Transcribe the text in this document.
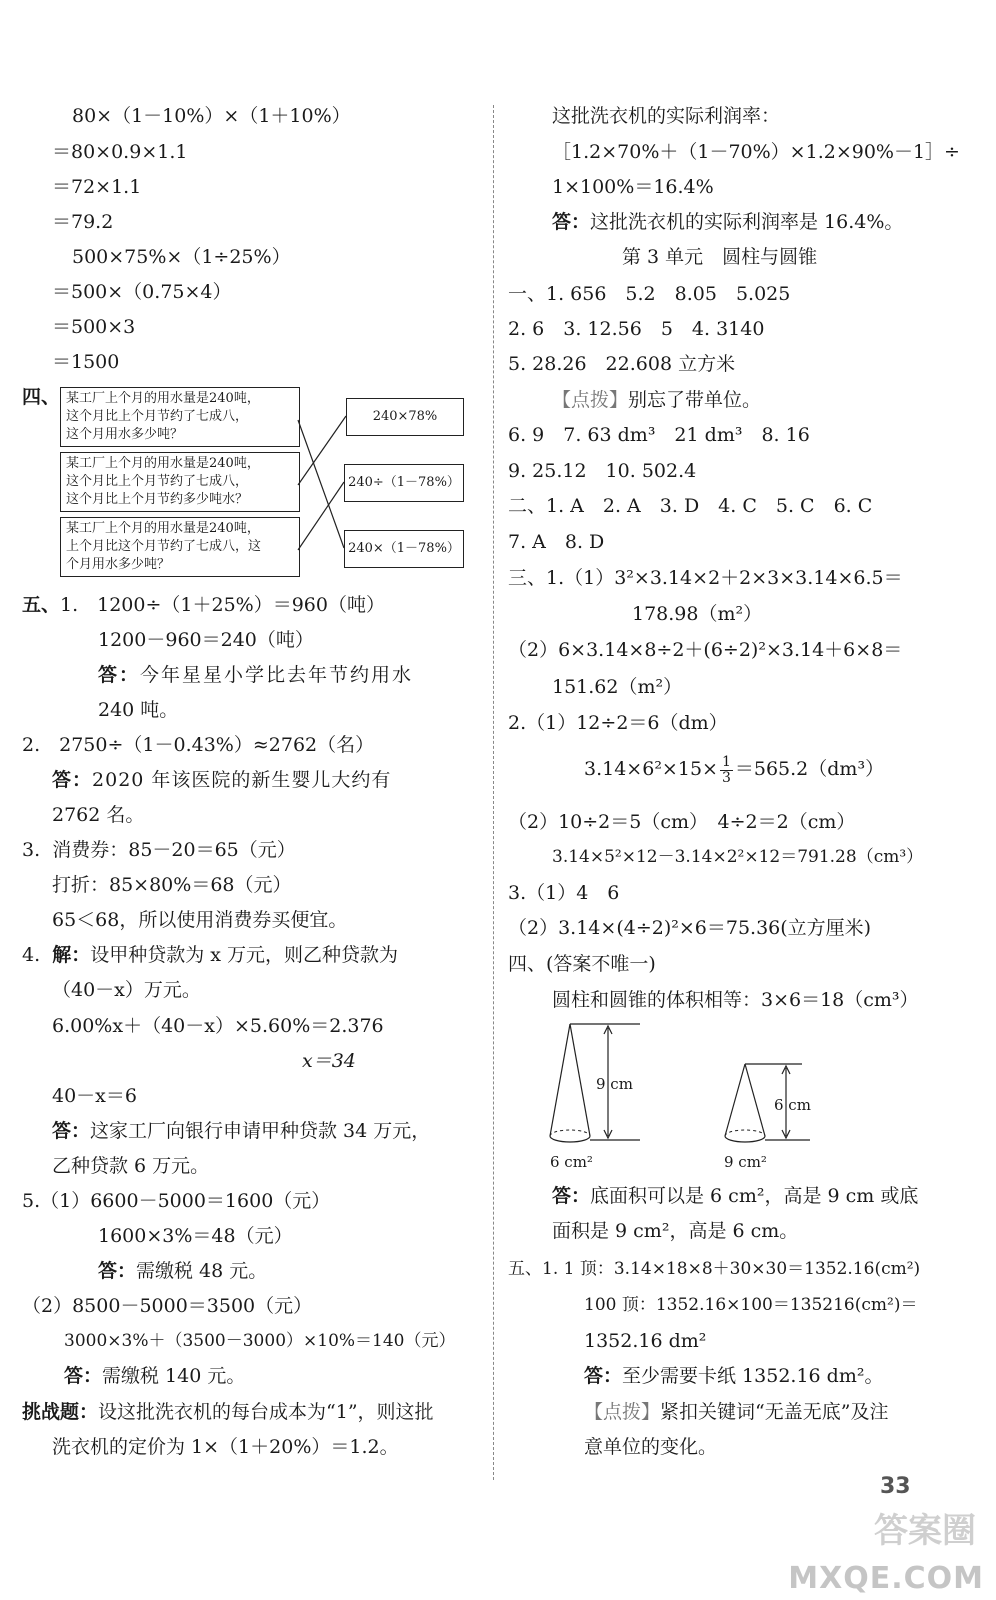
80×（1－10%）×（1＋10%）
＝80×0.9×1.1
＝72×1.1
＝79.2
500×75%×（1÷25%）
＝500×（0.75×4）
＝500×3
＝1500
四、 某工厂上个月的用水量是240吨，
这个月比上个月节约了七成八，
这个月用水多少吨？
某工厂上个月的用水量是240吨，
这个月比上个月节约了七成八，
这个月比上个月节约多少吨水？
某工厂上个月的用水量是240吨，
上个月比这个月节约了七成八，这
个月用水多少吨？
240×78%
240÷（1－78%）
240×（1－78%）
五、 1.　1200÷（1＋25%）＝960（吨）
1200－960＝240（吨）
答：今年星星小学比去年节约用水
240 吨。
2.　2750÷（1－0.43%）≈2762（名）
答：2020 年该医院的新生婴儿大约有
2762 名。
3. 消费券：85－20＝65（元）
打折：85×80%＝68（元）
65＜68，所以使用消费券买便宜。
4. 解：设甲种贷款为 x 万元，则乙种贷款为
（40－x）万元。
6.00%x＋（40－x）×5.60%＝2.376
x＝34
40－x＝6
答：这家工厂向银行申请甲种贷款 34 万元，
乙种贷款 6 万元。
5.（1）6600－5000＝1600（元）
1600×3%＝48（元）
答：需缴税 48 元。
（2）8500－5000＝3500（元）
3000×3%＋（3500－3000）×10%＝140（元）
答：需缴税 140 元。
挑战题：设这批洗衣机的每台成本为“1”，则这批
洗衣机的定价为 1×（1＋20%）＝1.2。
这批洗衣机的实际利润率：
［1.2×70%＋（1－70%）×1.2×90%－1］÷
1×100%＝16.4%
答：这批洗衣机的实际利润率是 16.4%。
第 3 单元　圆柱与圆锥
一、1. 656　5.2　8.05　5.025
2. 6　3. 12.56　5　4. 3140
5. 28.26　22.608 立方米
【点拨】别忘了带单位。
6. 9　7. 63 dm³　21 dm³　8. 16
9. 25.12　10. 502.4
二、1. A　2. A　3. D　4. C　5. C　6. C
7. A　8. D
三、1.（1）3²×3.14×2＋2×3×3.14×6.5＝
178.98（m²）
（2）6×3.14×8÷2＋(6÷2)²×3.14＋6×8＝
151.62（m²）
2.（1）12÷2＝6（dm）
$3.14\times 6^2\times 15\times \frac{1}{3} =565.2(dm^3)$
（2）10÷2＝5（cm）　4÷2＝2（cm）
3.14×5²×12－3.14×2²×12＝791.28（cm³）
3.（1）4　6
（2）3.14×(4÷2)²×6＝75.36(立方厘米)
四、(答案不唯一)
圆柱和圆锥的体积相等：3×6＝18（cm³）
9 cm
6 cm²
6 cm
9 cm²
答：底面积可以是 6 cm²，高是 9 cm 或底
面积是 9 cm²，高是 6 cm。
五、1. 1 顶：3.14×18×8＋30×30＝1352.16(cm²)
100 顶：1352.16×100＝135216(cm²)＝
1352.16 dm²
答：至少需要卡纸 1352.16 dm²。
【点拨】紧扣关键词“无盖无底”及注
意单位的变化。
33
答案圈
MXQE.COM
